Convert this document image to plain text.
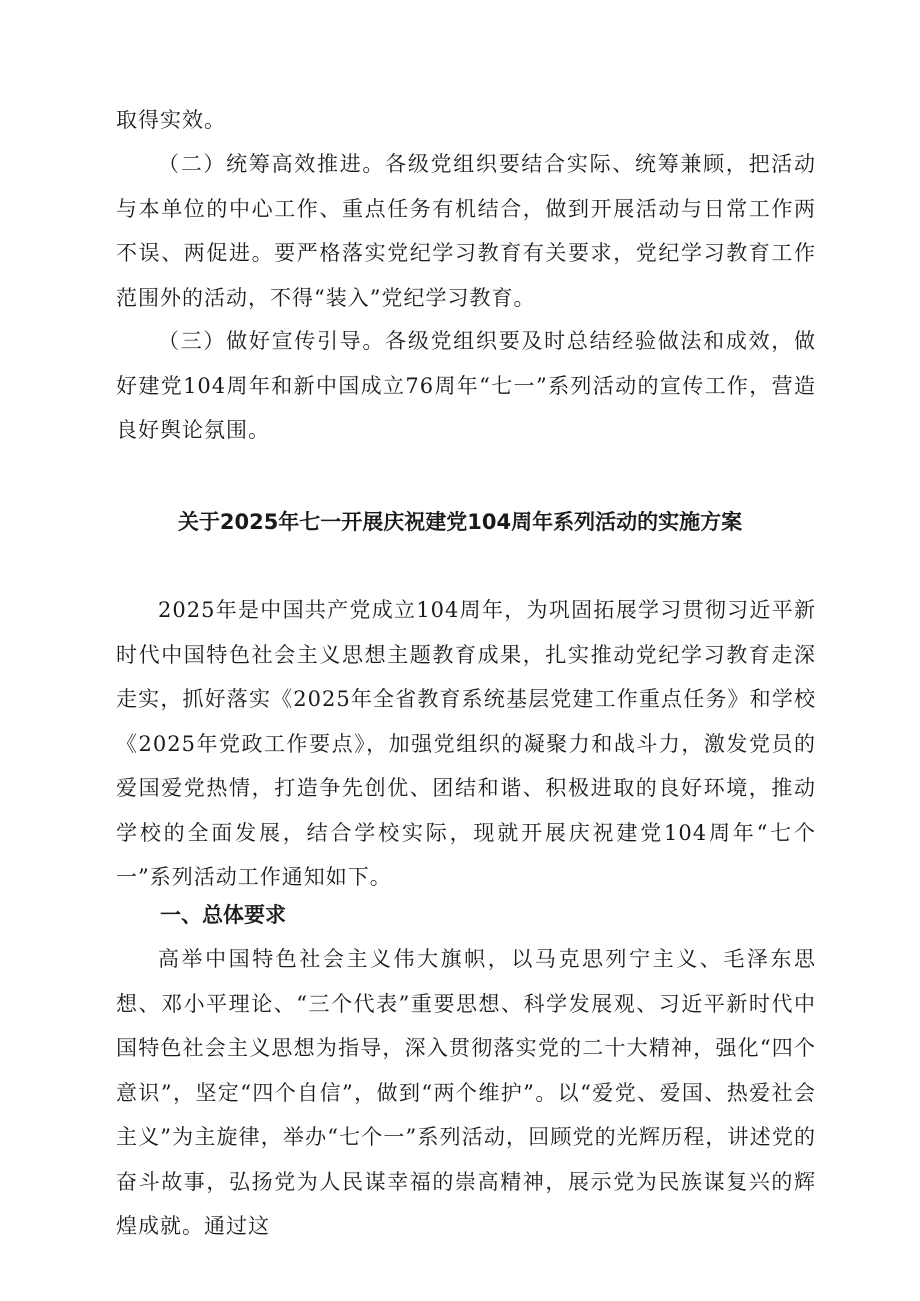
取得实效。

（二）统筹高效推进。各级党组织要结合实际、统筹兼顾，把活动与本单位的中心工作、重点任务有机结合，做到开展活动与日常工作两不误、两促进。要严格落实党纪学习教育有关要求，党纪学习教育工作范围外的活动，不得“装入”党纪学习教育。

（三）做好宣传引导。各级党组织要及时总结经验做法和成效，做好建党104周年和新中国成立76周年“七一”系列活动的宣传工作，营造良好舆论氛围。

关于2025年七一开展庆祝建党104周年系列活动的实施方案

2025年是中国共产党成立104周年，为巩固拓展学习贯彻习近平新时代中国特色社会主义思想主题教育成果，扎实推动党纪学习教育走深走实，抓好落实《2025年全省教育系统基层党建工作重点任务》和学校《2025年党政工作要点》，加强党组织的凝聚力和战斗力，激发党员的爱国爱党热情，打造争先创优、团结和谐、积极进取的良好环境，推动学校的全面发展，结合学校实际，现就开展庆祝建党104周年“七个一”系列活动工作通知如下。

一、总体要求

高举中国特色社会主义伟大旗帜，以马克思列宁主义、毛泽东思想、邓小平理论、“三个代表”重要思想、科学发展观、习近平新时代中国特色社会主义思想为指导，深入贯彻落实党的二十大精神，强化“四个意识”，坚定“四个自信”，做到“两个维护”。以“爱党、爱国、热爱社会主义”为主旋律，举办“七个一”系列活动，回顾党的光辉历程，讲述党的奋斗故事，弘扬党为人民谋幸福的崇高精神，展示党为民族谋复兴的辉煌成就。通过这
